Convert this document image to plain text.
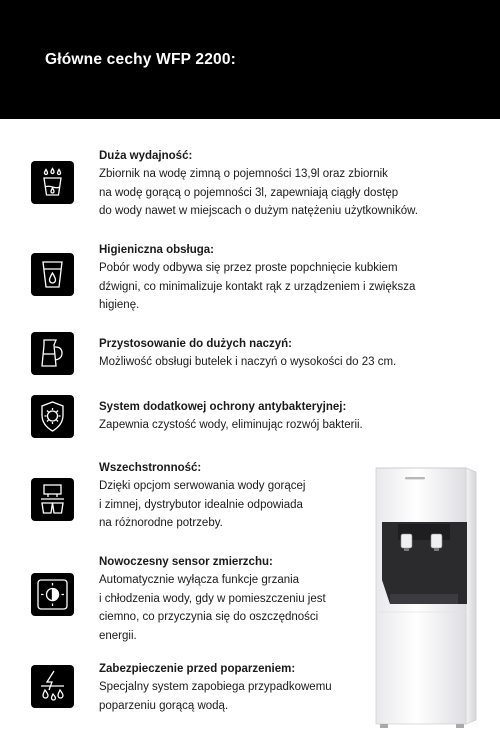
Główne cechy WFP 2200:
Duża wydajność:
Zbiornik na wodę zimną o pojemności 13,9l oraz zbiornik
na wodę gorącą o pojemności 3l, zapewniają ciągły dostęp
do wody nawet w miejscach o dużym natężeniu użytkowników.
Higieniczna obsługa:
Pobór wody odbywa się przez proste popchnięcie kubkiem
dźwigni, co minimalizuje kontakt rąk z urządzeniem i zwiększa
higienę.
Przystosowanie do dużych naczyń:
Możliwość obsługi butelek i naczyń o wysokości do 23 cm.
System dodatkowej ochrony antybakteryjnej:
Zapewnia czystość wody, eliminując rozwój bakterii.
Wszechstronność:
Dzięki opcjom serwowania wody gorącej
i zimnej, dystrybutor idealnie odpowiada
na różnorodne potrzeby.
Nowoczesny sensor zmierzchu:
Automatycznie wyłącza funkcje grzania
i chłodzenia wody, gdy w pomieszczeniu jest
ciemno, co przyczynia się do oszczędności
energii.
Zabezpieczenie przed poparzeniem:
Specjalny system zapobiega przypadkowemu
poparzeniu gorącą wodą.
